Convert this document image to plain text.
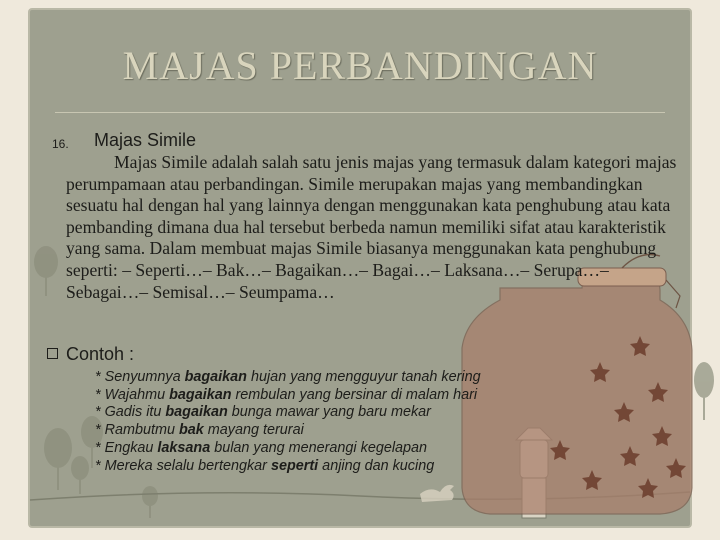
MAJAS PERBANDINGAN
16. Majas Simile
Majas Simile adalah salah satu jenis majas yang termasuk dalam kategori majas perumpamaan atau perbandingan. Simile merupakan majas yang membandingkan sesuatu hal dengan hal yang lainnya dengan menggunakan kata penghubung atau kata pembanding dimana dua hal tersebut berbeda namun memiliki sifat atau karakteristik yang sama. Dalam membuat majas Simile biasanya menggunakan kata penghubung seperti: – Seperti…– Bak…– Bagaikan…– Bagai…– Laksana…– Serupa…– Sebagai…– Semisal…– Seumpama…
Contoh :
* Senyumnya bagaikan hujan yang mengguyur tanah kering
* Wajahmu bagaikan rembulan yang bersinar di malam hari
* Gadis itu bagaikan bunga mawar yang baru mekar
* Rambutmu bak mayang terurai
* Engkau laksana bulan yang menerangi kegelapan
* Mereka selalu bertengkar seperti anjing dan kucing
